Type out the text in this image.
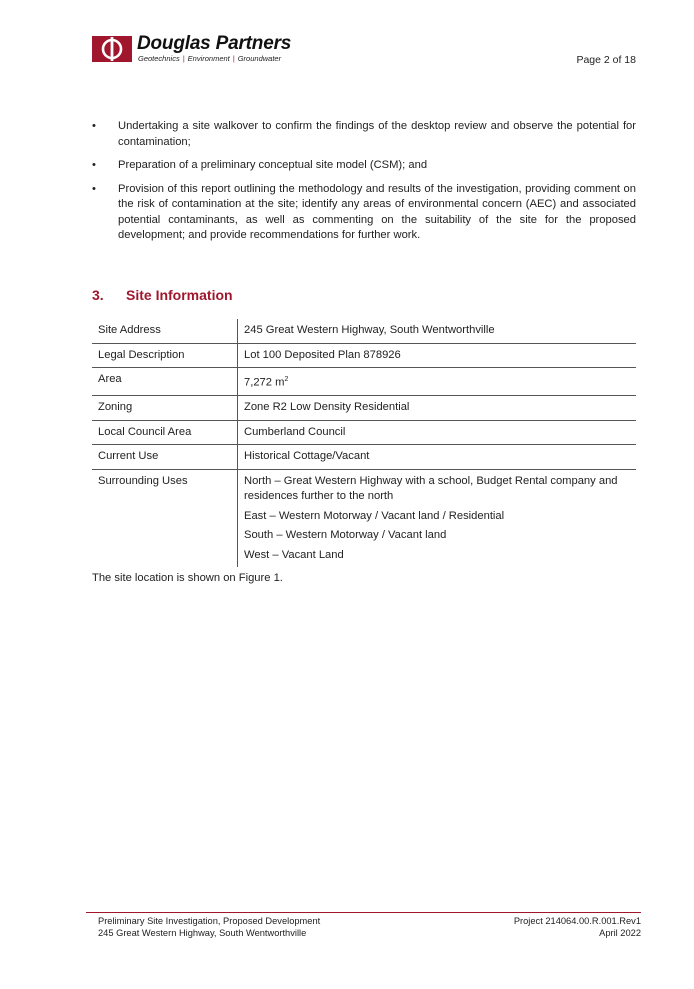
Douglas Partners
Geotechnics | Environment | Groundwater	Page 2 of 18
• Undertaking a site walkover to confirm the findings of the desktop review and observe the potential for contamination;
• Preparation of a preliminary conceptual site model (CSM); and
• Provision of this report outlining the methodology and results of the investigation, providing comment on the risk of contamination at the site; identify any areas of environmental concern (AEC) and associated potential contaminants, as well as commenting on the suitability of the site for the proposed development; and provide recommendations for further work.
3. Site Information
Site Address	245 Great Western Highway, South Wentworthville
Legal Description	Lot 100 Deposited Plan 878926
Area	7,272 $m^2$
Zoning	Zone R2 Low Density Residential
Local Council Area	Cumberland Council
Current Use	Historical Cottage/Vacant
Surrounding Uses	North – Great Western Highway with a school, Budget Rental company and residences further to the north

East – Western Motorway / Vacant land / Residential

South – Western Motorway / Vacant land

West – Vacant Land

The site location is shown on Figure 1.
Preliminary Site Investigation, Proposed Development
245 Great Western Highway, South Wentworthville
Project 214064.00.R.001.Rev1
April 2022
